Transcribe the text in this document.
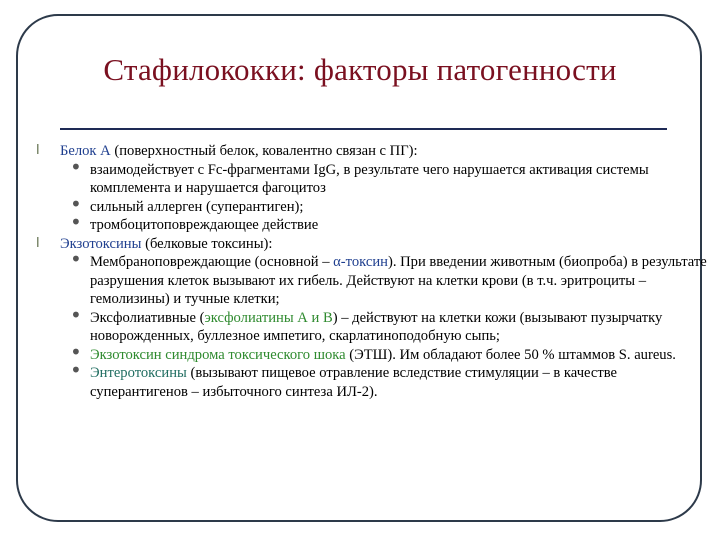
Стафилококки: факторы патогенности
l Белок А (поверхностный белок, ковалентно связан с ПГ):
• взаимодействует с Fc-фрагментами IgG, в результате чего нарушается активация системы комплемента и нарушается фагоцитоз
• сильный аллерген (суперантиген);
• тромбоцитоповреждающее действие
l Экзотоксины (белковые токсины):
• Мембраноповреждающие (основной – α-токсин). При введении животным (биопроба) в результате разрушения клеток вызывают их гибель. Действуют на клетки крови (в т.ч. эритроциты – гемолизины) и тучные клетки;
• Эксфолиативные (эксфолиатины А и В) – действуют на клетки кожи (вызывают пузырчатку новорожденных, буллезное импетиго, скарлатиноподобную сыпь;
• Экзотоксин синдрома токсического шока (ЭТШ). Им обладают более 50 % штаммов S. aureus.
• Энтеротоксины (вызывают пищевое отравление вследствие стимуляции – в качестве суперантигенов – избыточного синтеза ИЛ-2).
